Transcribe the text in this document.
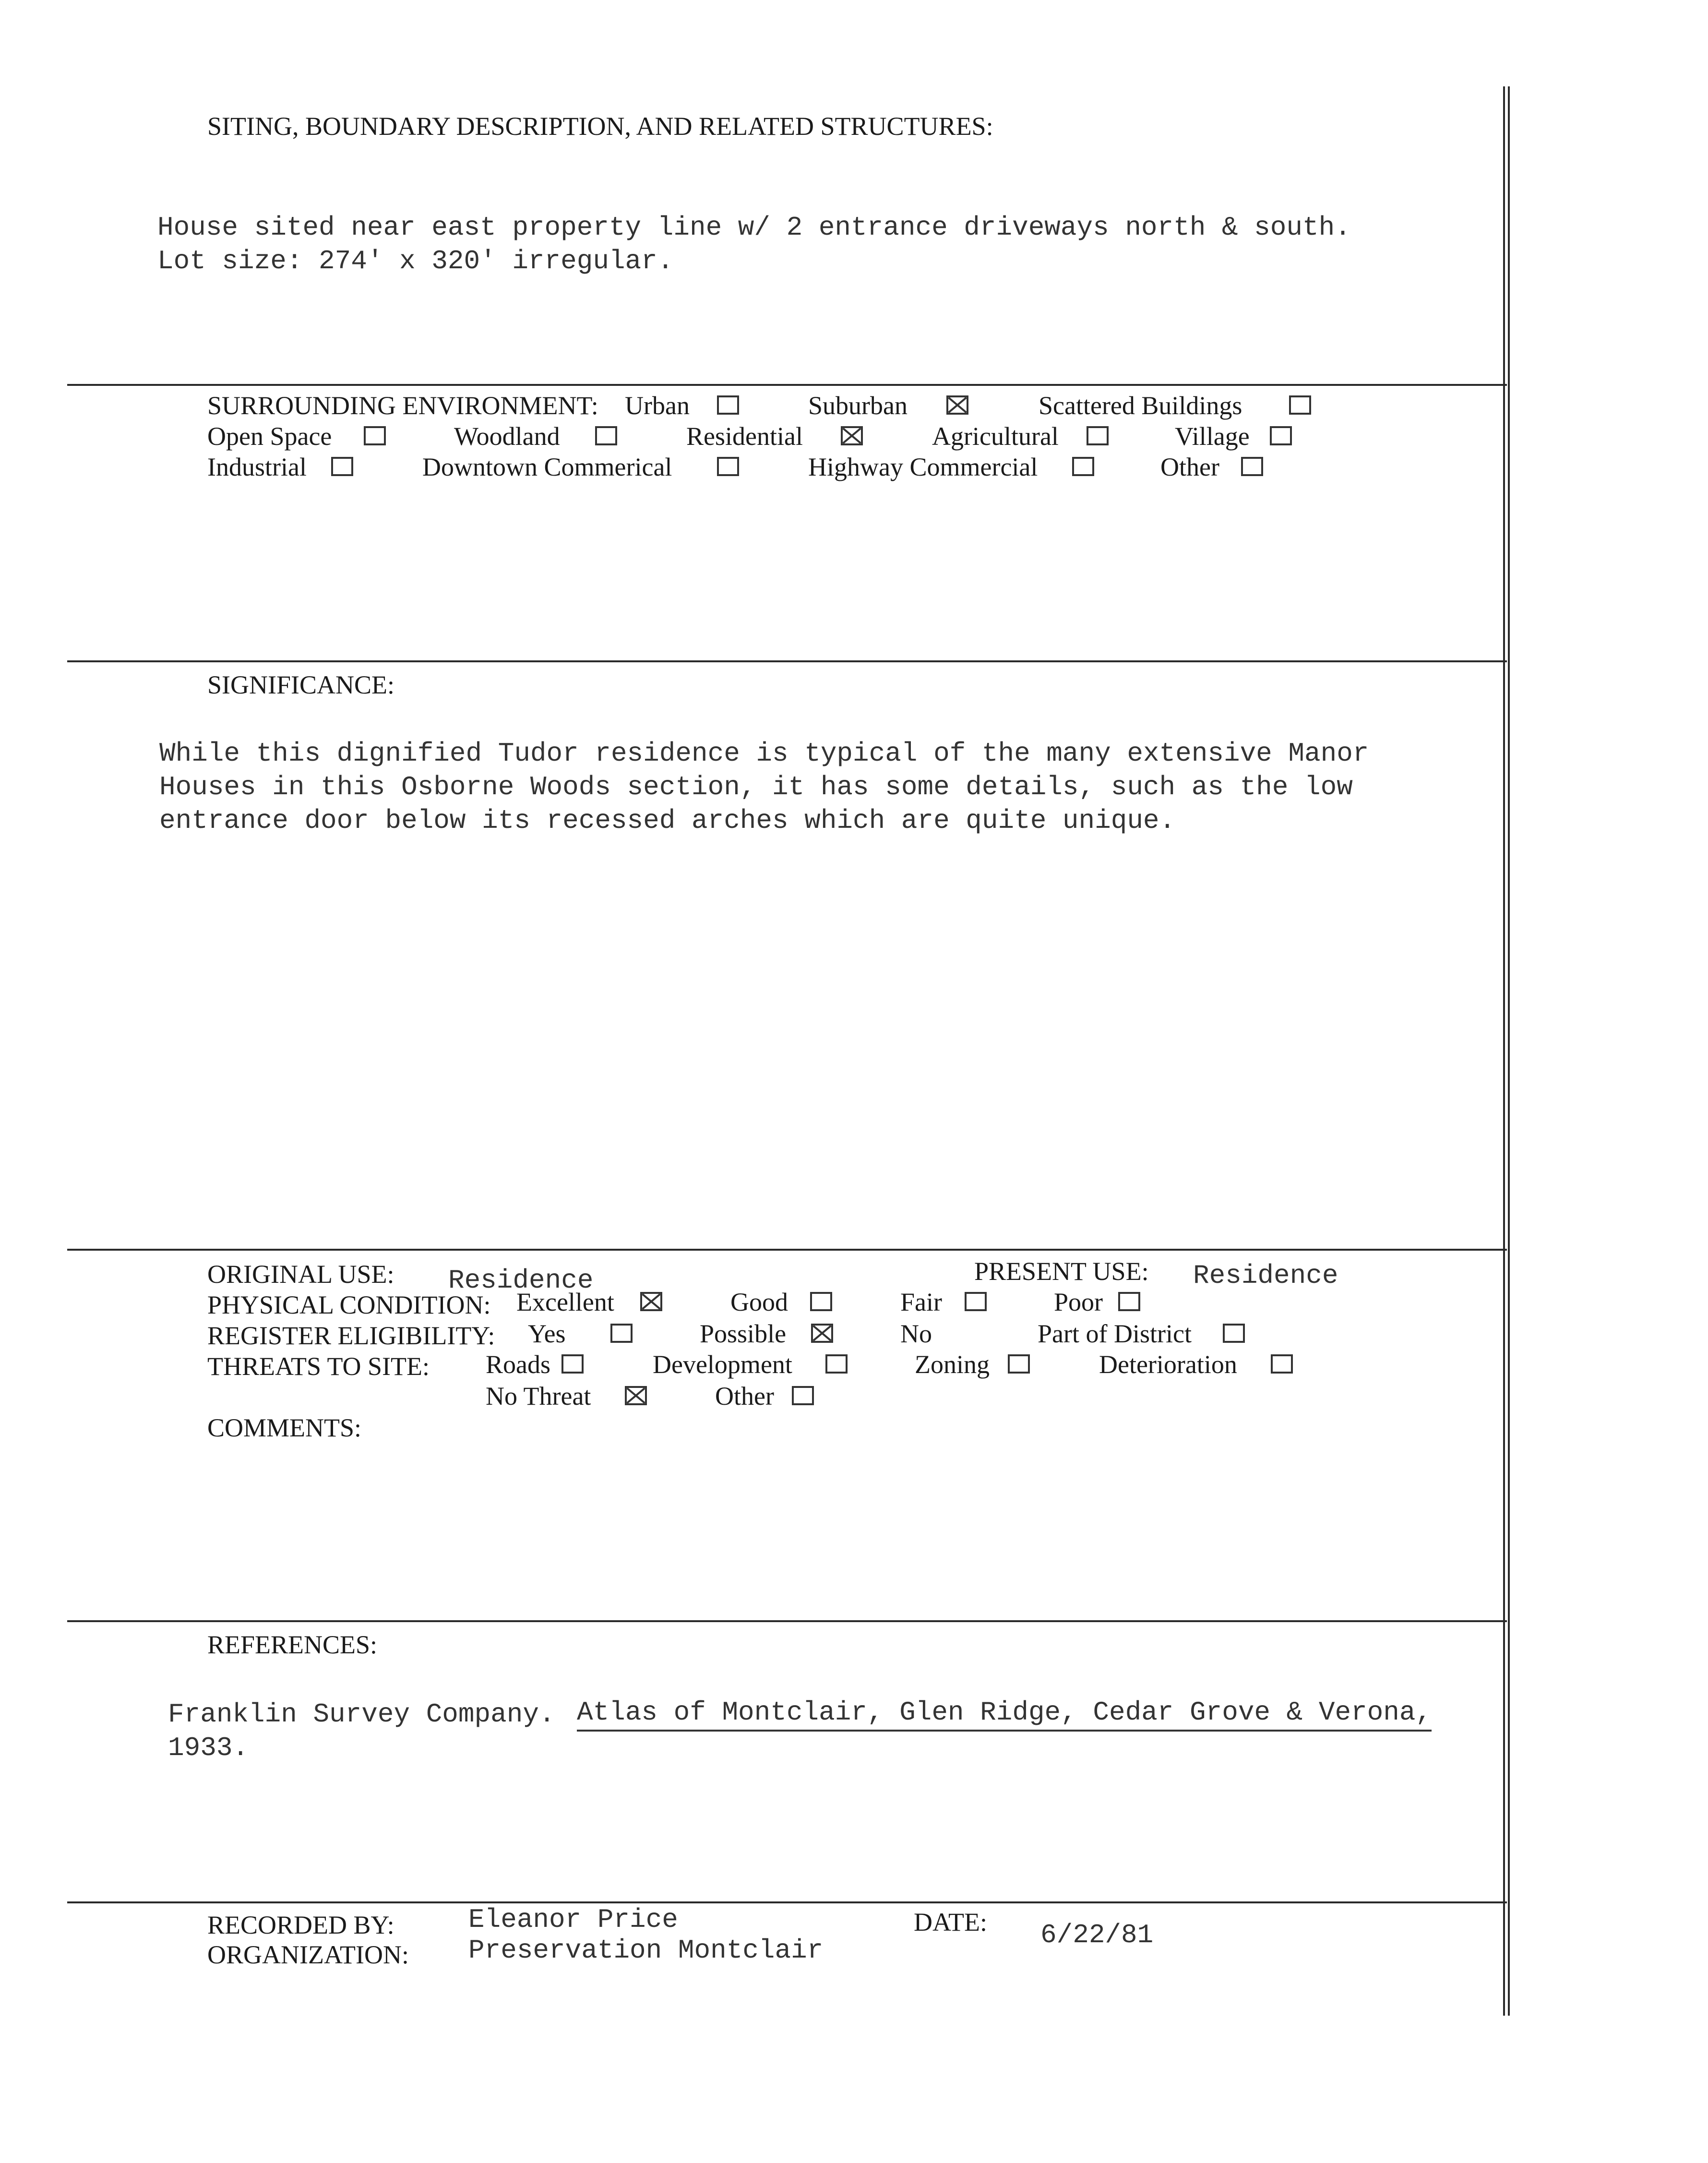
SITING, BOUNDARY DESCRIPTION, AND RELATED STRUCTURES:
House sited near east property line w/ 2 entrance driveways north & south.
Lot size: 274' x 320' irregular.
SURROUNDING ENVIRONMENT: Urban	Suburban	Scattered Buildings
Open Space	Woodland	Residential	Agricultural	Village
Industrial	Downtown Commerical	Highway Commercial	Other
SIGNIFICANCE:
While this dignified Tudor residence is typical of the many extensive Manor
Houses in this Osborne Woods section, it has some details, such as the low
entrance door below its recessed arches which are quite unique.
ORIGINAL USE: Residence	PRESENT USE: Residence
PHYSICAL CONDITION: Excellent	Good	Fair	Poor
REGISTER ELIGIBILITY: Yes	Possible	No	Part of District
THREATS TO SITE: Roads	Development	Zoning	Deterioration
No Threat	Other
COMMENTS:
REFERENCES:
Franklin Survey Company. Atlas of Montclair, Glen Ridge, Cedar Grove & Verona,
1933.
RECORDED BY:	Eleanor Price
ORGANIZATION: Preservation Montclair
DATE: 6/22/81
